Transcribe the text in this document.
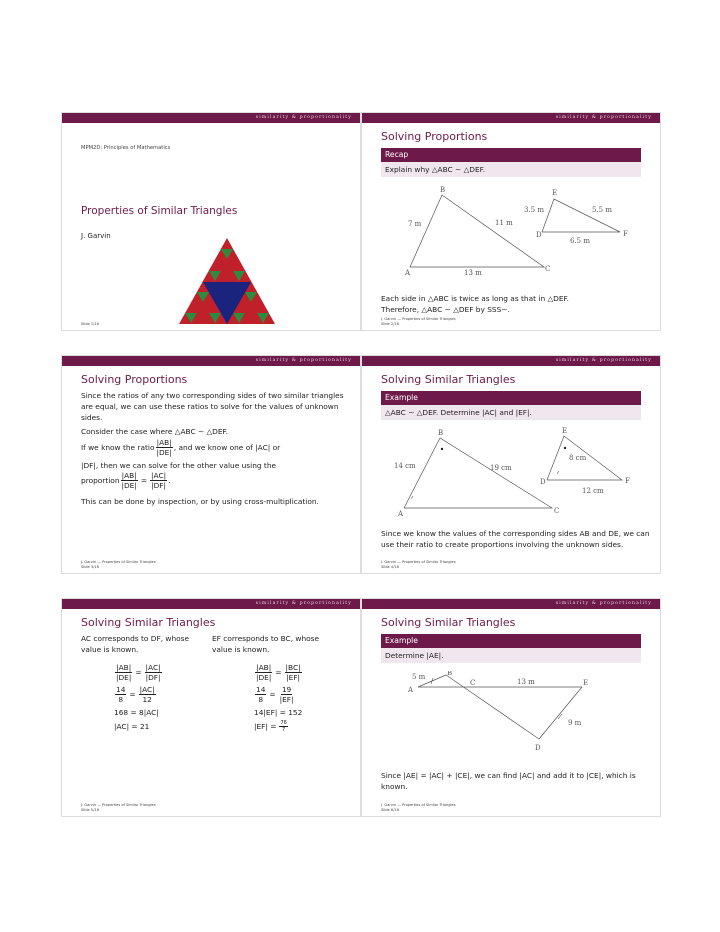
similarity & proportionality
MPM2D: Principles of Mathematics
Properties of Similar Triangles
J. Garvin
Slide 1/16
similarity & proportionality
Solving Proportions
Recap
Explain why △ABC ∼ △DEF.
B
A	C
E
D	F
7 m	11 m
13 m
3.5 m	5.5 m
6.5 m
Each side in △ABC is twice as long as that in △DEF.
Therefore, △ABC ∼ △DEF by SSS∼.
J. Garvin — Properties of Similar Triangles
Slide 2/16
similarity & proportionality
Solving Proportions
Since the ratios of any two corresponding sides of two similar triangles are equal, we can use these ratios to solve for the values of unknown sides.
Consider the case where △ABC ∼ △DEF.
If we know the ratio $\frac{|AB|}{|DE|}$ , and we know one of |AC| or
|DF|, then we can solve for the other value using the
proportion $\frac{|AB|}{|DE|} = \frac{|AC|}{|DF|}$ .
This can be done by inspection, or by using cross-multiplication.
J. Garvin — Properties of Similar Triangles
Slide 3/16
similarity & proportionality
Solving Similar Triangles
Example
△ABC ∼ △DEF. Determine |AC| and |EF|.
B
A	C
E
D	F
14 cm	19 cm
8 cm
12 cm
Since we know the values of the corresponding sides AB and DE, we can use their ratio to create proportions involving the unknown sides.
J. Garvin — Properties of Similar Triangles
Slide 4/16
similarity & proportionality
Solving Similar Triangles
AC corresponds to DF, whose value is known.
EF corresponds to BC, whose value is known.
$\frac{|AB|}{|DE|} = \frac{|AC|}{|DF|}$
$\frac{14}{8} = \frac{|AC|}{12}$
168 = 8|AC|
|AC| = 21
$\frac{|AB|}{|DE|} = \frac{|BC|}{|EF|}$
$\frac{14}{8} = \frac{19}{|EF|}$
14|EF| = 152
$|EF| = \frac{76}{7}$
J. Garvin — Properties of Similar Triangles
Slide 5/16
similarity & proportionality
Solving Similar Triangles
Example
Determine |AE|.
B
A
C	E
D
5 m
13 m
9 m
Since |AE| = |AC| + |CE|, we can find |AC| and add it to |CE|, which is known.
J. Garvin — Properties of Similar Triangles
Slide 6/16
